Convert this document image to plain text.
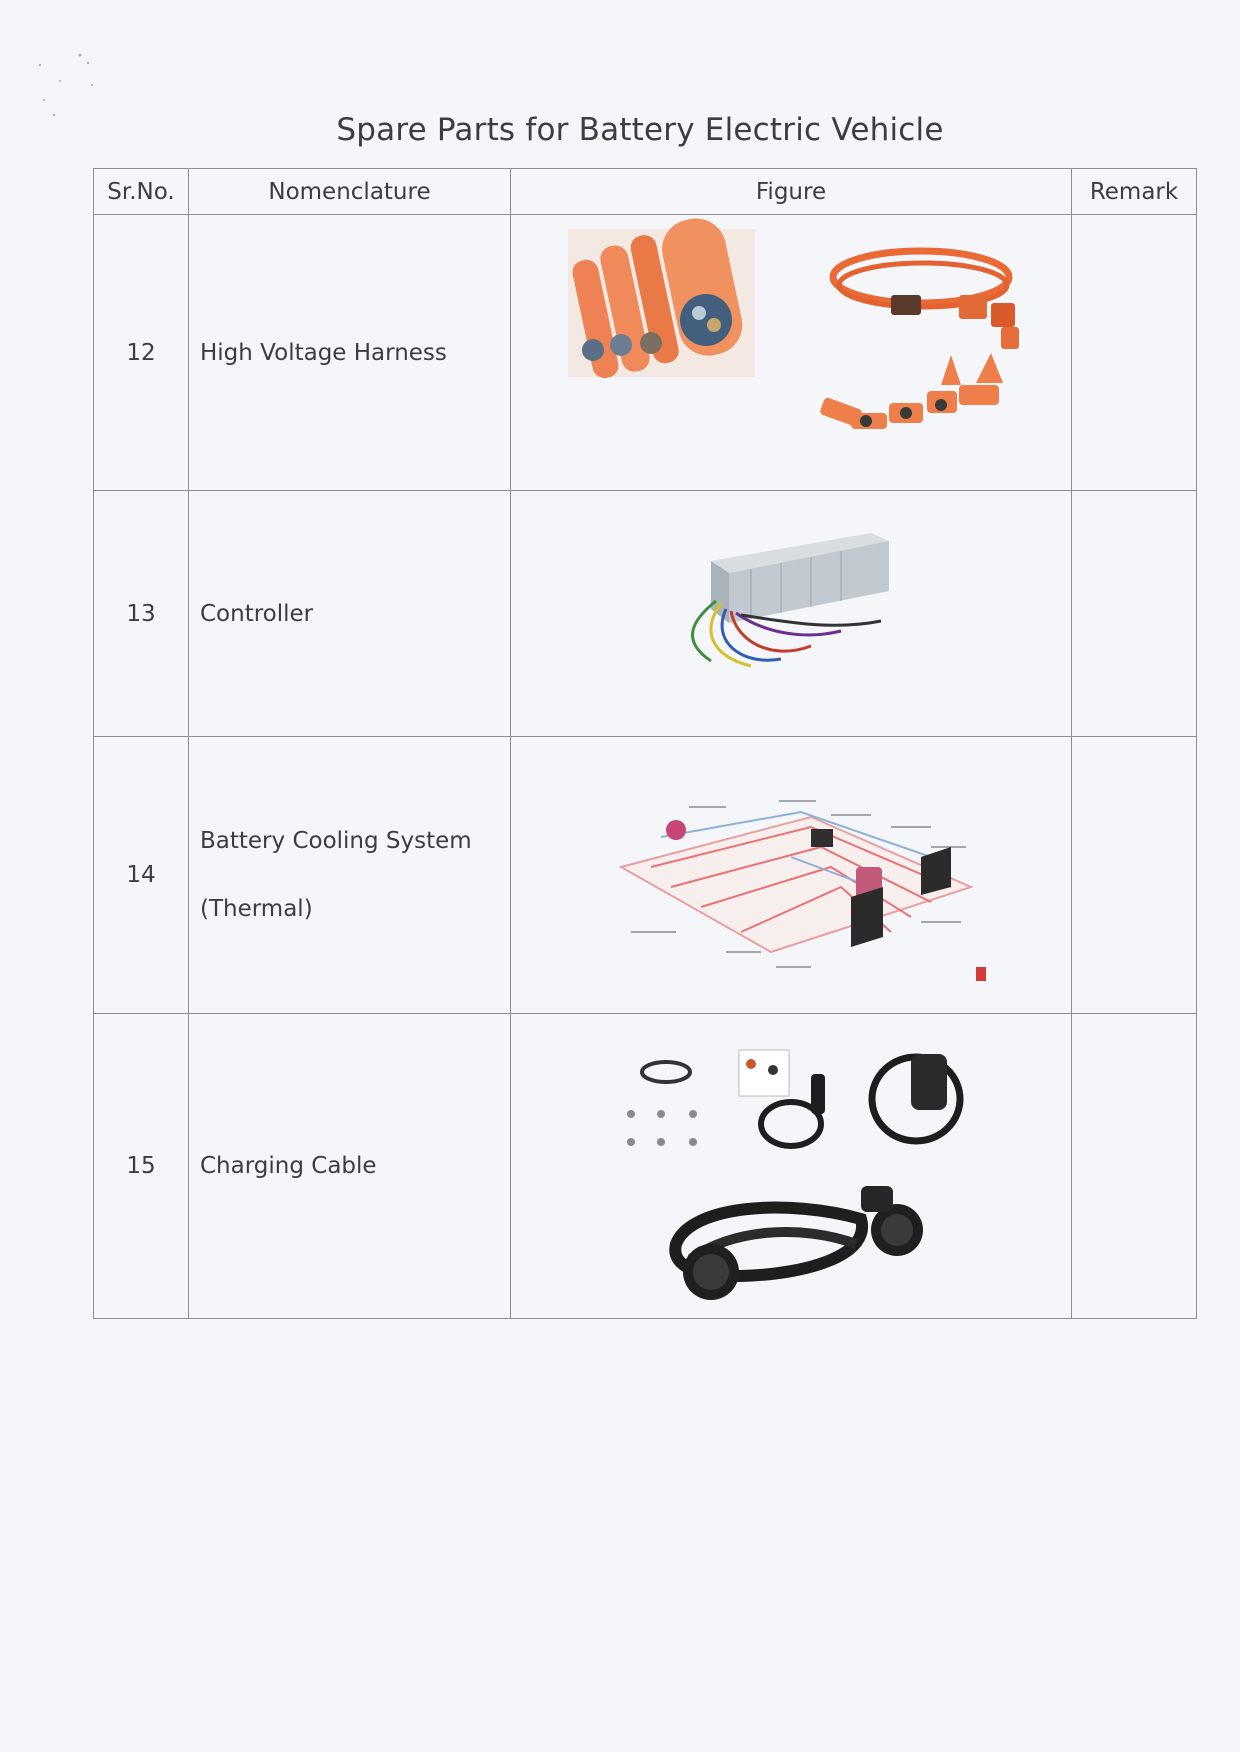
Spare Parts for Battery Electric Vehicle
Sr.No.	Nomenclature	Figure	Remark
12	High Voltage Harness	

13	Controller	

14	Battery Cooling System
(Thermal)

15	Charging Cable	
